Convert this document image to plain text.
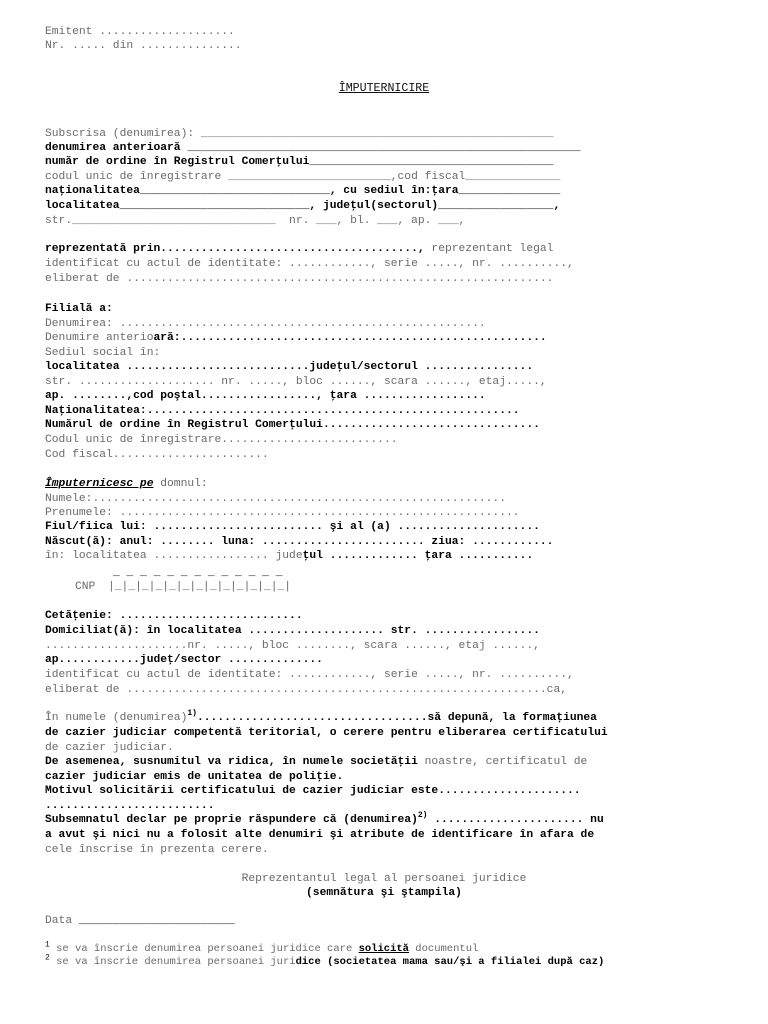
Emitent ....................
Nr. ..... din ...............
ÎMPUTERNICIRE
Subscrisa (denumirea): ____________________________________________________
denumirea anterioară __________________________________________________________
număr de ordine în Registrul Comerţului____________________________________
codul unic de înregistrare ________________________,cod fiscal______________
naţionalitatea____________________________, cu sediul în:ţara_______________
localitatea____________________________, judeţul(sectorul)_________________,
str.______________________________  nr. ___, bl. ___, ap. ___,
reprezentată prin......................................, reprezentant legal
identificat cu actul de identitate: ............, serie ....., nr. ..........,
eliberat de ...............................................................
Filială a:
Denumirea: ......................................................
Denumire anterioară:......................................................
Sediul social în:
localitatea ...........................judeţul/sectorul ................
str. .................... nr. ....., bloc ......, scara ......, etaj.....,
ap. ........,cod poştal................., ţara ..................
Naţionalitatea:.......................................................
Numărul de ordine în Registrul Comerţului................................
Codul unic de înregistrare..........................
Cod fiscal.......................
Împuternicesc pe domnul:
Numele:.............................................................
Prenumele: ...........................................................
Fiul/fiica lui: ......................... şi al (a) .....................
Născut(ă): anul: ........ luna: ........................ ziua: ............
în: localitatea ................. judeţul ............. ţara ...........
_ _ _ _ _ _ _ _ _ _ _ _ _
CNP |_|_|_|_|_|_|_|_|_|_|_|_|_|
Cetăţenie: ...........................
Domiciliat(ă): în localitatea .................... str. .................
.....................nr. ....., bloc ........, scara ......, etaj ......,
ap............judeţ/sector ..............
identificat cu actul de identitate: ............, serie ....., nr. ..........,
eliberat de ..............................................................ca,
În numele (denumirea)$^{1)}$..................................să depună, la formaţiunea
de cazier judiciar competentă teritorial, o cerere pentru eliberarea certificatului
de cazier judiciar.
De asemenea, susnumitul va ridica, în numele societăţii noastre, certificatul de
cazier judiciar emis de unitatea de poliţie.
Motivul solicitării certificatului de cazier judiciar este.....................
.........................
Subsemnatul declar pe proprie răspundere că (denumirea)$^{2)}$ ...................... nu
a avut şi nici nu a folosit alte denumiri şi atribute de identificare în afara de
cele înscrise în prezenta cerere.
Reprezentantul legal al persoanei juridice
(semnătura şi ştampila)
Data _______________________
$^1$ se va înscrie denumirea persoanei juridice care solicită documentul
$^2$ se va înscrie denumirea persoanei juridice (societatea mama sau/şi a filialei după caz)
